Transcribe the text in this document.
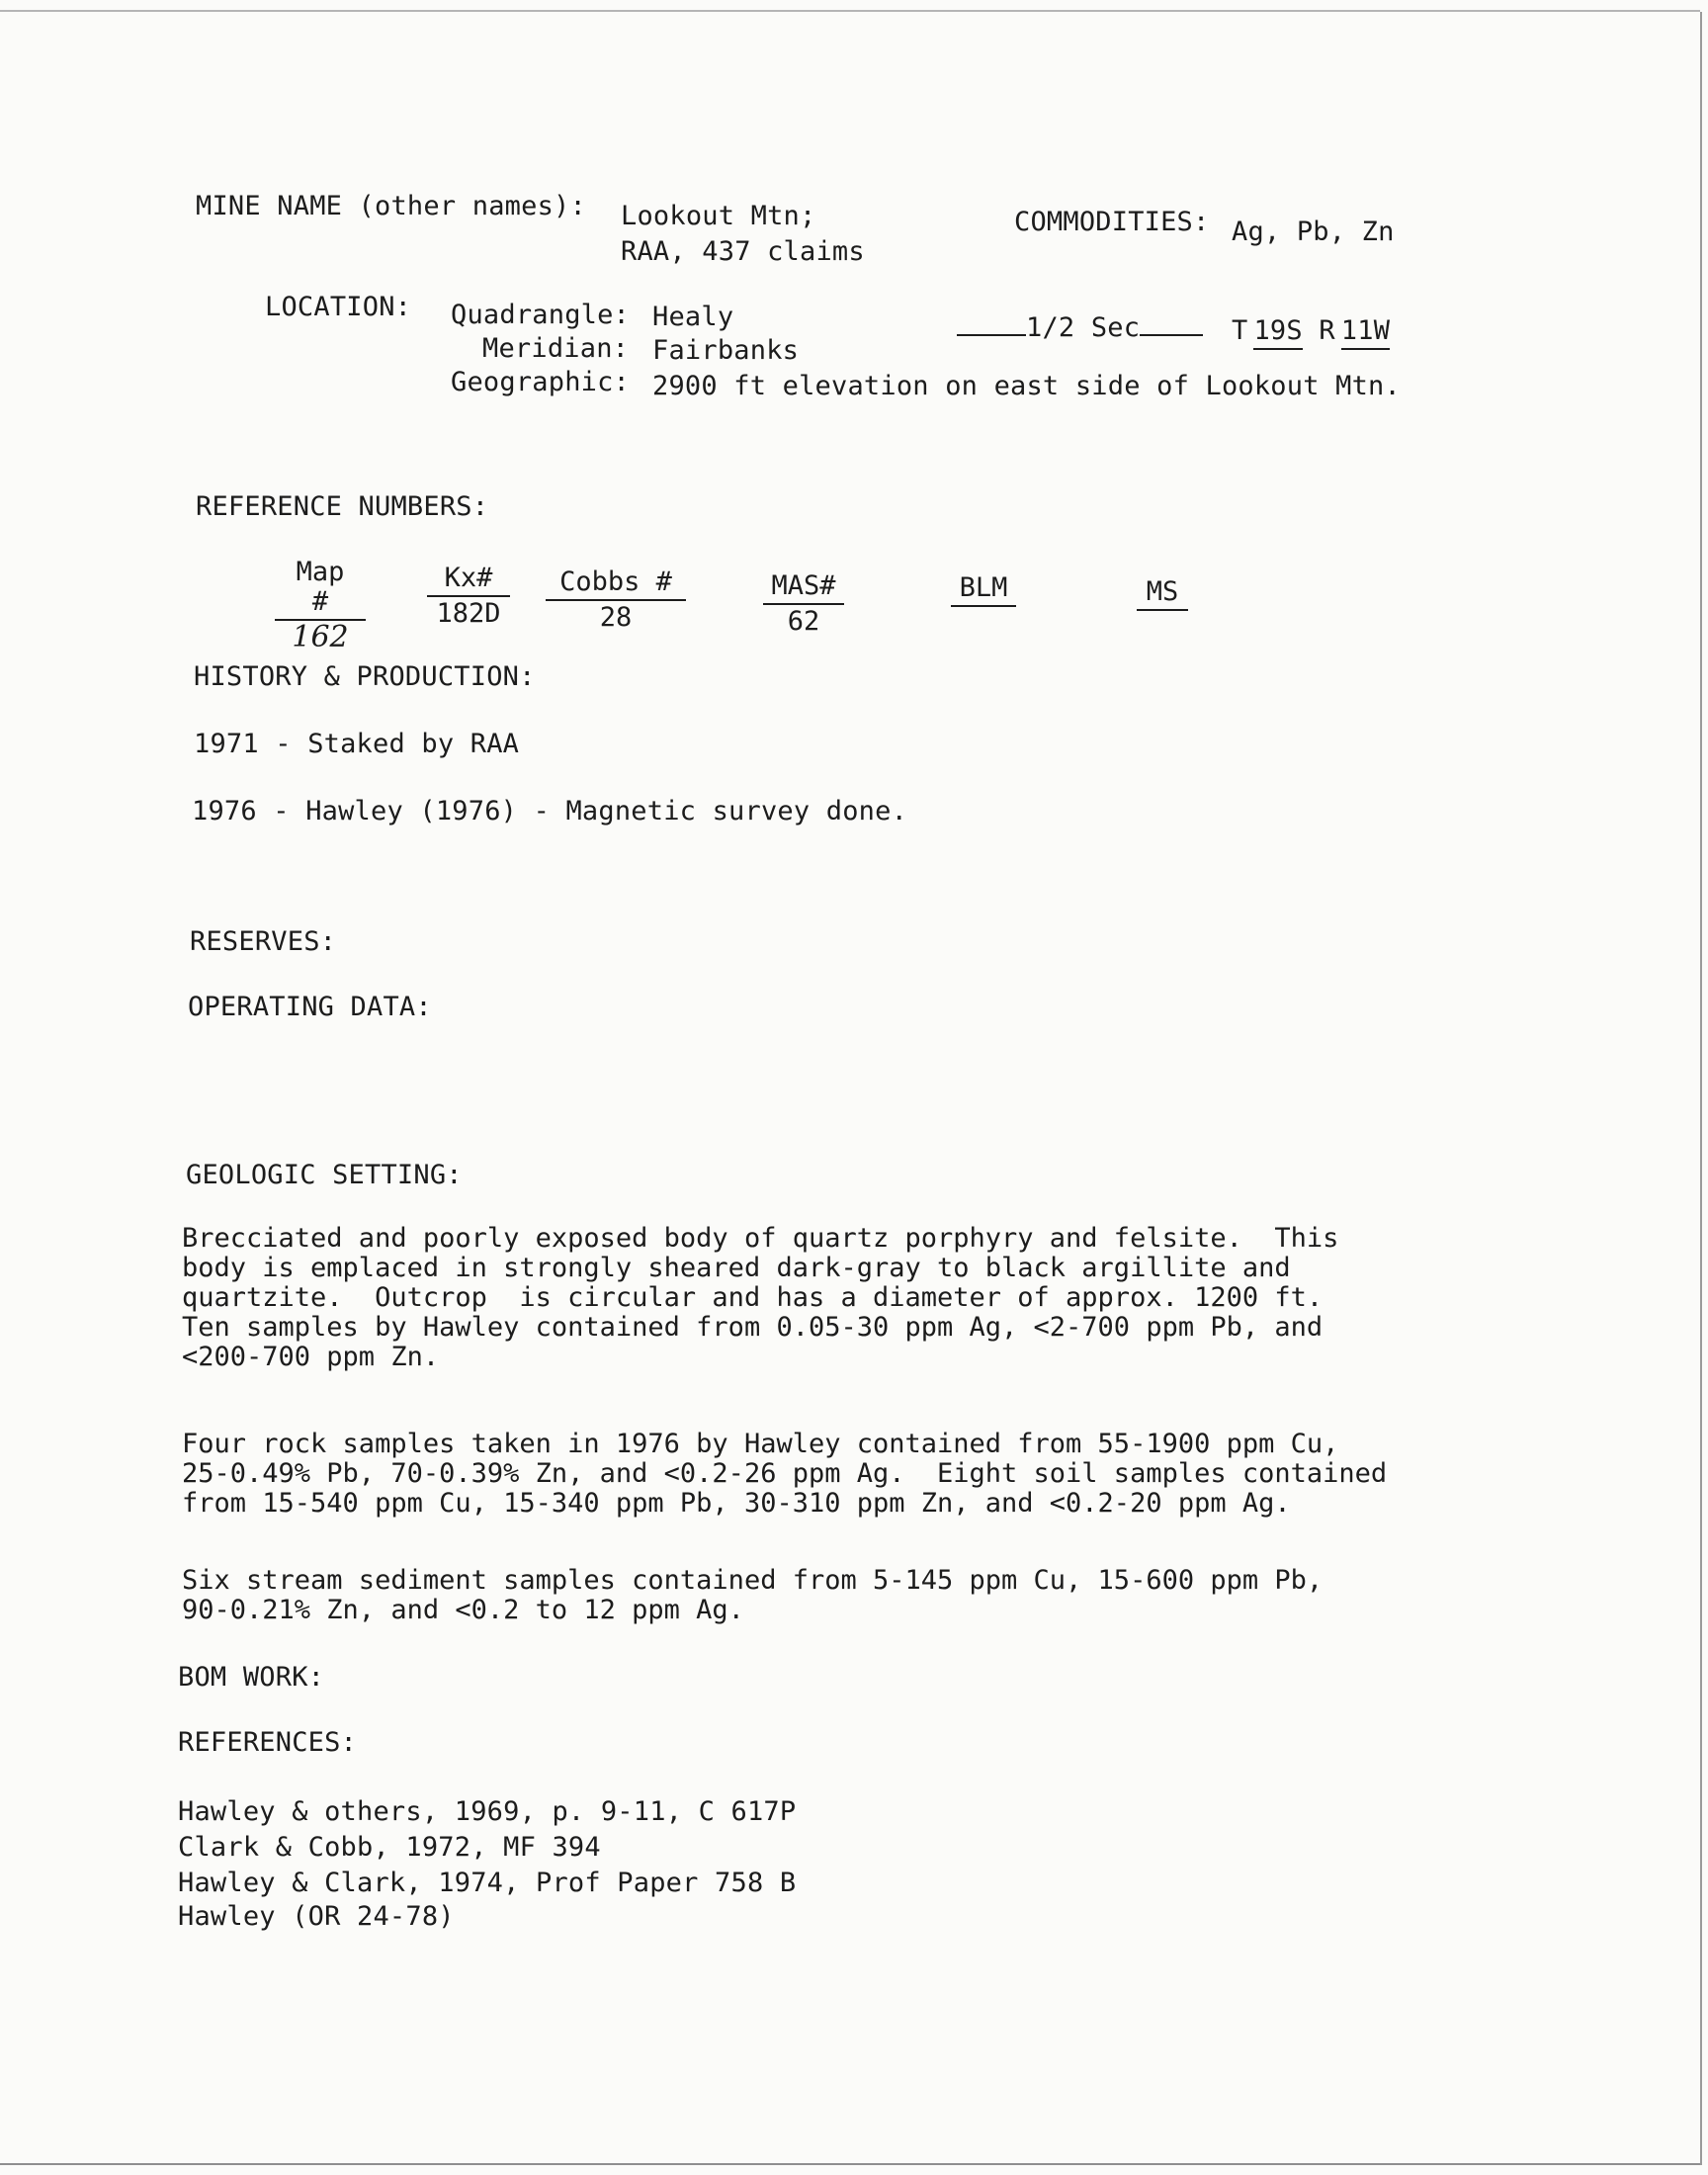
MINE NAME (other names): Lookout Mtn;
RAA, 437 claims
COMMODITIES: Ag, Pb, Zn
LOCATION: Quadrangle: Healy
Meridian: Fairbanks
Geographic: 2900 ft elevation on east side of Lookout Mtn.
1/2 Sec	T 19S R 11W
REFERENCE NUMBERS:
Map #
162
Kx#
182D
Cobbs #
28
MAS#
62
BLM	MS
HISTORY & PRODUCTION:
1971 - Staked by RAA
1976 - Hawley (1976) - Magnetic survey done.
RESERVES:
OPERATING DATA:
GEOLOGIC SETTING:
Brecciated and poorly exposed body of quartz porphyry and felsite.  This
body is emplaced in strongly sheared dark-gray to black argillite and
quartzite.  Outcrop  is circular and has a diameter of approx. 1200 ft.
Ten samples by Hawley contained from 0.05-30 ppm Ag, <2-700 ppm Pb, and
<200-700 ppm Zn.
Four rock samples taken in 1976 by Hawley contained from 55-1900 ppm Cu,
25-0.49% Pb, 70-0.39% Zn, and <0.2-26 ppm Ag.  Eight soil samples contained
from 15-540 ppm Cu, 15-340 ppm Pb, 30-310 ppm Zn, and <0.2-20 ppm Ag.
Six stream sediment samples contained from 5-145 ppm Cu, 15-600 ppm Pb,
90-0.21% Zn, and <0.2 to 12 ppm Ag.
BOM WORK:
REFERENCES:
Hawley & others, 1969, p. 9-11, C 617P
Clark & Cobb, 1972, MF 394
Hawley & Clark, 1974, Prof Paper 758 B
Hawley (OR 24-78)
